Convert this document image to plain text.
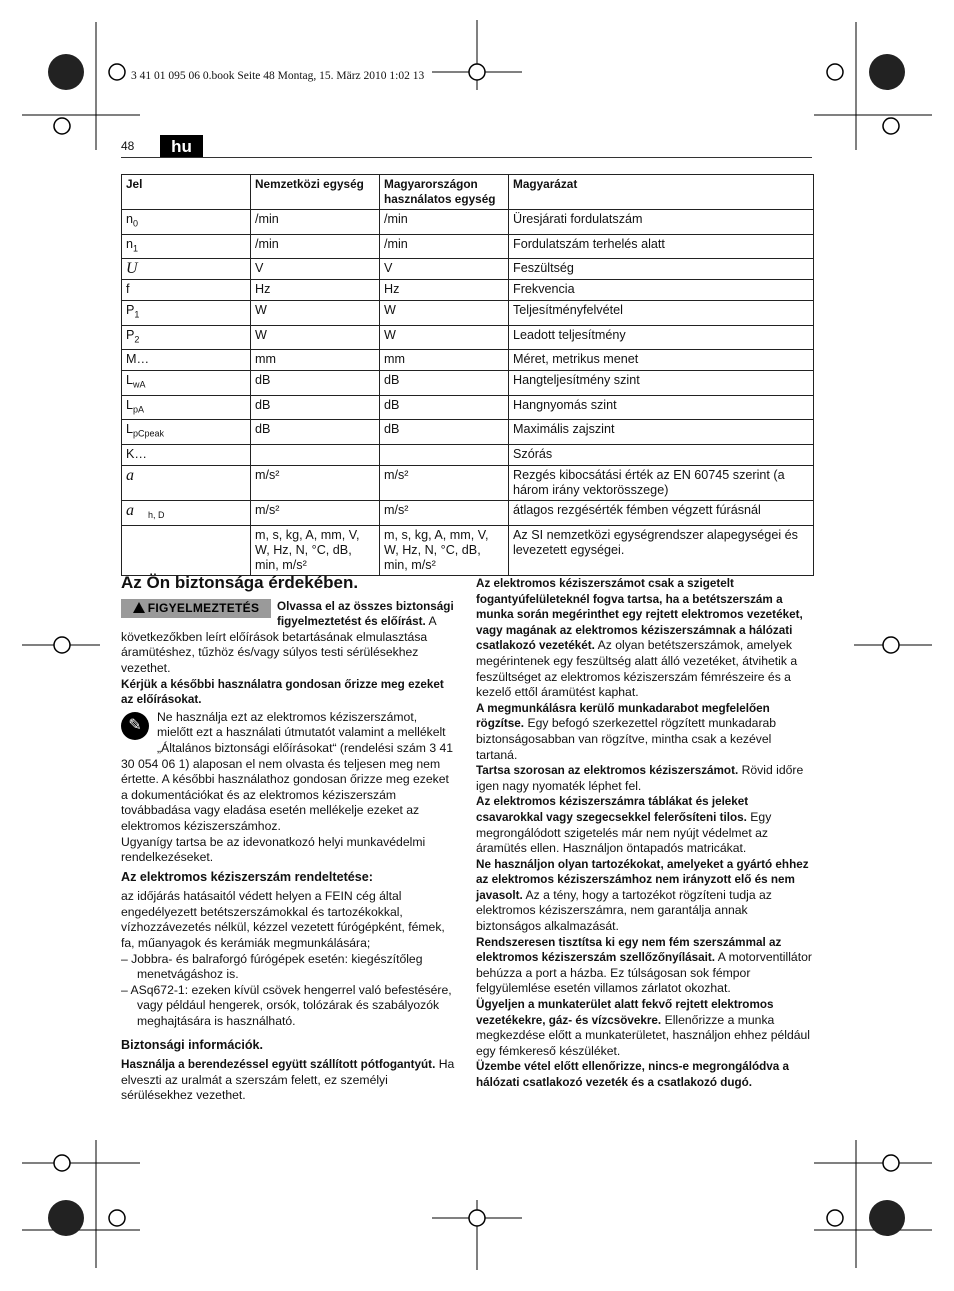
3 41 01 095 06 0.book Seite 48 Montag, 15. März 2010 1:02 13
48	hu
Jel	Nemzetközi egység	Magyarországon használatos egység	Magyarázat
$n_0$	/min	/min	Üresjárati fordulatszám
$n_1$	/min	/min	Fordulatszám terhelés alatt
U	V	V	Feszültség
f	Hz	Hz	Frekvencia
$P_1$	W	W	Teljesítményfelvétel
$P_2$	W	W	Leadott teljesítmény
M…	mm	mm	Méret, metrikus menet
$L_{wA}$	dB	dB	Hangteljesítmény szint
$L_{pA}$	dB	dB	Hangnyomás szint
$L_{pCpeak}$	dB	dB	Maximális zajszint
K…			Szórás
a	m/s²	m/s²	Rezgés kibocsátási érték az EN 60745 szerint (a három irány vektorösszege)
a $_{h, D}$	m/s²	m/s²	átlagos rezgésérték fémben végzett fúrásnál
	m, s, kg, A, mm, V, W, Hz, N, °C, dB, min, m/s²	m, s, kg, A, mm, V, W, Hz, N, °C, dB, min, m/s²	Az SI nemzetközi egységrendszer alapegységei és levezetett egységei.
Az Ön biztonsága érdekében.

FIGYELMEZTETÉS	Olvassa el az összes biztonsági figyelmeztetést és előírást. A következőkben leírt előírások betartásának elmulasztása áramütéshez, tűzhöz és/vagy súlyos testi sérülésekhez vezethet.

Kérjük a későbbi használatra gondosan őrizze meg ezeket az előírásokat.

✎	Ne használja ezt az elektromos kéziszerszámot, mielőtt ezt a használati útmutatót valamint a mellékelt „Általános biztonsági előírásokat“ (rendelési szám 3 41 30 054 06 1) alaposan el nem olvasta és teljesen meg nem értette. A későbbi használathoz gondosan őrizze meg ezeket a dokumentációkat és az elektromos kéziszerszám továbbadása vagy eladása esetén mellékelje ezeket az elektromos kéziszerszámhoz.

Ugyanígy tartsa be az idevonatkozó helyi munkavédelmi rendelkezéseket.

Az elektromos kéziszerszám rendeltetése:

az időjárás hatásaitól védett helyen a FEIN cég által engedélyezett betétszerszámokkal és tartozékokkal, vízhozzávezetés nélkül, kézzel vezetett fúrógépként, fémek, fa, műanyagok és kerámiák megmunkálására;

– Jobbra- és balraforgó fúrógépek esetén: kiegészítőleg menetvágáshoz is.

– ASq672-1: ezeken kívül csövek hengerrel való befestésére, vagy például hengerek, orsók, tolózárak és szabályozók meghajtására is használható.

Biztonsági információk.

Használja a berendezéssel együtt szállított pótfogantyút. Ha elveszti az uralmát a szerszám felett, ez személyi sérülésekhez vezethet.

Az elektromos kéziszerszámot csak a szigetelt fogantyúfelületeknél fogva tartsa, ha a betétszerszám a munka során megérinthet egy rejtett elektromos vezetéket, vagy magának az elektromos kéziszerszámnak a hálózati csatlakozó vezetékét. Az olyan betétszerszámok, amelyek megérintenek egy feszültség alatt álló vezetéket, átvihetik a feszültséget az elektromos kéziszerszám fémrészeire és a kezelő ettől áramütést kaphat.

A megmunkálásra kerülő munkadarabot megfelelően rögzítse. Egy befogó szerkezettel rögzített munkadarab biztonságosabban van rögzítve, mintha csak a kezével tartaná.

Tartsa szorosan az elektromos kéziszerszámot. Rövid időre igen nagy nyomaték léphet fel.

Az elektromos kéziszerszámra táblákat és jeleket csavarokkal vagy szegecsekkel felerősíteni tilos. Egy megrongálódott szigetelés már nem nyújt védelmet az áramütés ellen. Használjon öntapadós matricákat.

Ne használjon olyan tartozékokat, amelyeket a gyártó ehhez az elektromos kéziszerszámhoz nem irányzott elő és nem javasolt. Az a tény, hogy a tartozékot rögzíteni tudja az elektromos kéziszerszámra, nem garantálja annak biztonságos alkalmazását.

Rendszeresen tisztítsa ki egy nem fém szerszámmal az elektromos kéziszerszám szellőzőnyílásait. A motorventillátor behúzza a port a házba. Ez túlságosan sok fémpor felgyülemlése esetén villamos zárlatot okozhat.

Ügyeljen a munkaterület alatt fekvő rejtett elektromos vezetékekre, gáz- és vízcsövekre. Ellenőrizze a munka megkezdése előtt a munkaterületet, használjon ehhez például egy fémkereső készüléket.

Üzembe vétel előtt ellenőrizze, nincs-e megrongálódva a hálózati csatlakozó vezeték és a csatlakozó dugó.
